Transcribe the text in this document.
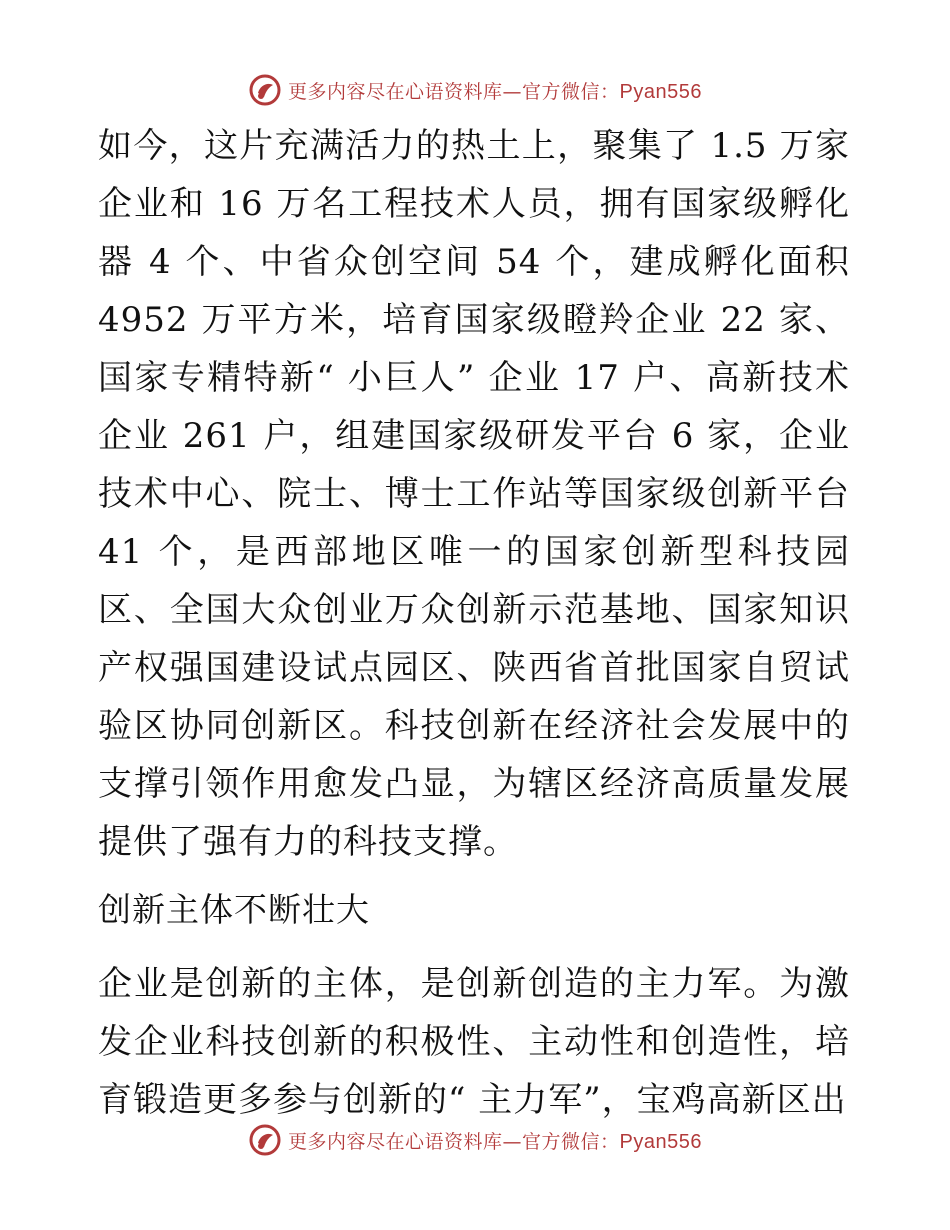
更多内容尽在心语资料库—官方微信：Pyan556

如今，这片充满活力的热土上，聚集了 1.5 万家企业和 16 万名工程技术人员，拥有国家级孵化器 4 个、中省众创空间 54 个，建成孵化面积 4952 万平方米，培育国家级瞪羚企业 22 家、国家专精特新“ 小巨人” 企业 17 户、高新技术企业 261 户，组建国家级研发平台 6 家，企业技术中心、院士、博士工作站等国家级创新平台 41 个，是西部地区唯一的国家创新型科技园区、全国大众创业万众创新示范基地、国家知识产权强国建设试点园区、陕西省首批国家自贸试验区协同创新区。科技创新在经济社会发展中的支撑引领作用愈发凸显，为辖区经济高质量发展提供了强有力的科技支撑。

创新主体不断壮大

企业是创新的主体，是创新创造的主力军。为激发企业科技创新的积极性、主动性和创造性，培育锻造更多参与创新的“ 主力军”，宝鸡高新区出

更多内容尽在心语资料库—官方微信：Pyan556
